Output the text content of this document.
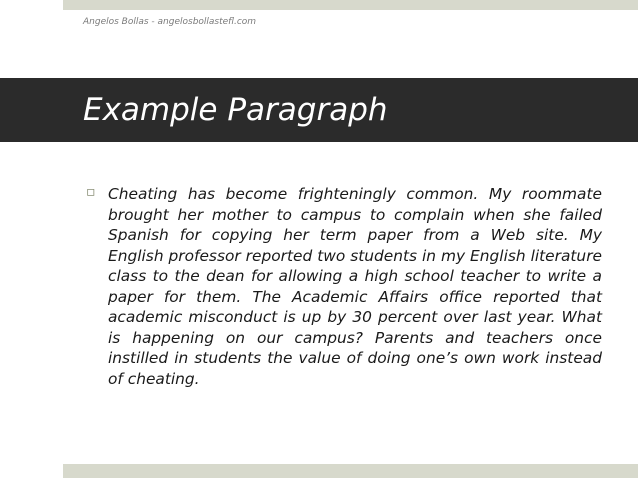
Angelos Bollas - angelosbollastefl.com
Example Paragraph
▫ Cheating has become frighteningly common. My roommate brought her mother to campus to complain when she failed Spanish for copying her term paper from a Web site. My English professor reported two students in my English literature class to the dean for allowing a high school teacher to write a paper for them. The Academic Affairs office reported that academic misconduct is up by 30 percent over last year. What is happening on our campus? Parents and teachers once instilled in students the value of doing one’s own work instead of cheating.
